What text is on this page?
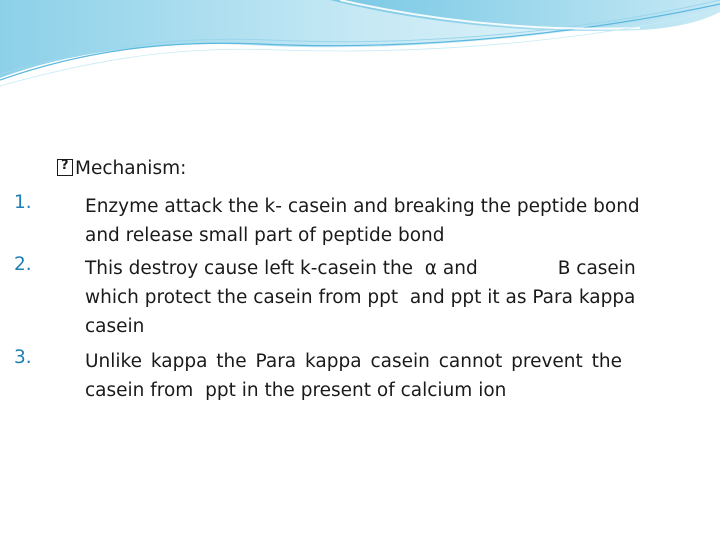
?Mechanism:
1.	Enzyme attack the k- casein and breaking the peptide bond
and release small part of peptide bond
2.	This destroy cause left k-casein the  α and	B casein
which protect the casein from ppt  and ppt it as Para kappa
casein
3.	Unlike kappa the Para kappa casein cannot prevent the
casein from  ppt in the present of calcium ion
